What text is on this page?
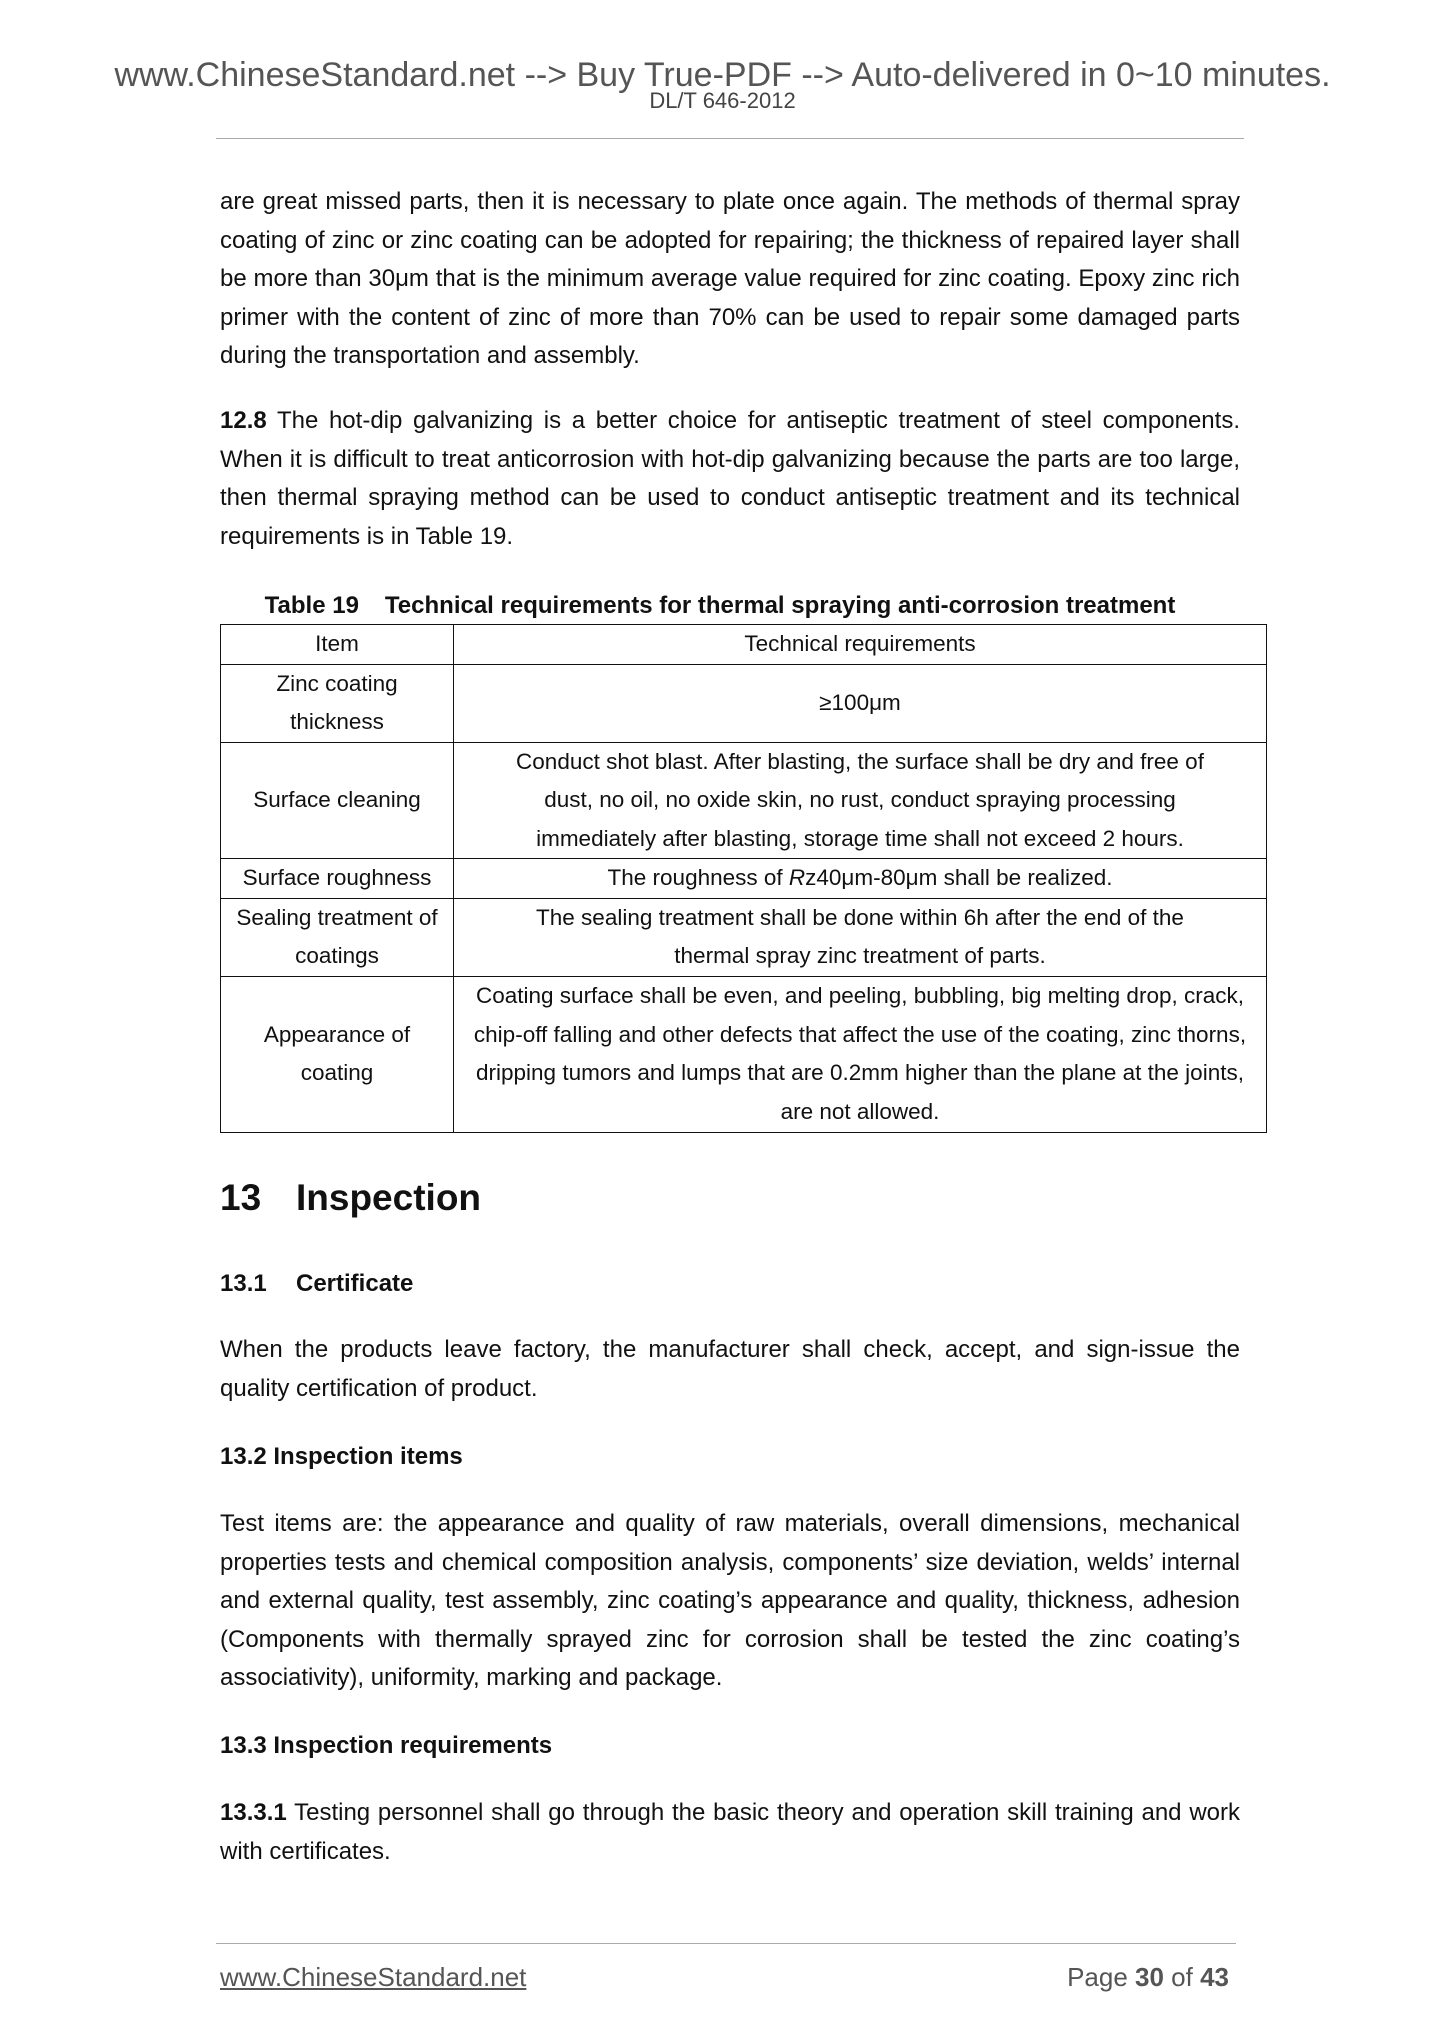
www.ChineseStandard.net --> Buy True-PDF --> Auto-delivered in 0~10 minutes.
DL/T 646-2012

are great missed parts, then it is necessary to plate once again. The methods of thermal spray coating of zinc or zinc coating can be adopted for repairing; the thickness of repaired layer shall be more than 30μm that is the minimum average value required for zinc coating. Epoxy zinc rich primer with the content of zinc of more than 70% can be used to repair some damaged parts during the transportation and assembly.

12.8 The hot-dip galvanizing is a better choice for antiseptic treatment of steel components. When it is difficult to treat anticorrosion with hot-dip galvanizing because the parts are too large, then thermal spraying method can be used to conduct antiseptic treatment and its technical requirements is in Table 19.

Table 19 Technical requirements for thermal spraying anti-corrosion treatment
Item	Technical requirements
Zinc coating thickness	≥100μm
Surface cleaning	Conduct shot blast. After blasting, the surface shall be dry and free of dust, no oil, no oxide skin, no rust, conduct spraying processing immediately after blasting, storage time shall not exceed 2 hours.
Surface roughness	The roughness of Rz40μm-80μm shall be realized.
Sealing treatment of coatings	The sealing treatment shall be done within 6h after the end of the thermal spray zinc treatment of parts.
Appearance of coating	Coating surface shall be even, and peeling, bubbling, big melting drop, crack, chip-off falling and other defects that affect the use of the coating, zinc thorns, dripping tumors and lumps that are 0.2mm higher than the plane at the joints, are not allowed.
13 Inspection
13.1 Certificate

When the products leave factory, the manufacturer shall check, accept, and sign-issue the quality certification of product.

13.2 Inspection items

Test items are: the appearance and quality of raw materials, overall dimensions, mechanical properties tests and chemical composition analysis, components’ size deviation, welds’ internal and external quality, test assembly, zinc coating’s appearance and quality, thickness, adhesion (Components with thermally sprayed zinc for corrosion shall be tested the zinc coating’s associativity), uniformity, marking and package.

13.3 Inspection requirements

13.3.1 Testing personnel shall go through the basic theory and operation skill training and work with certificates.

www.ChineseStandard.net	Page 30 of 43
